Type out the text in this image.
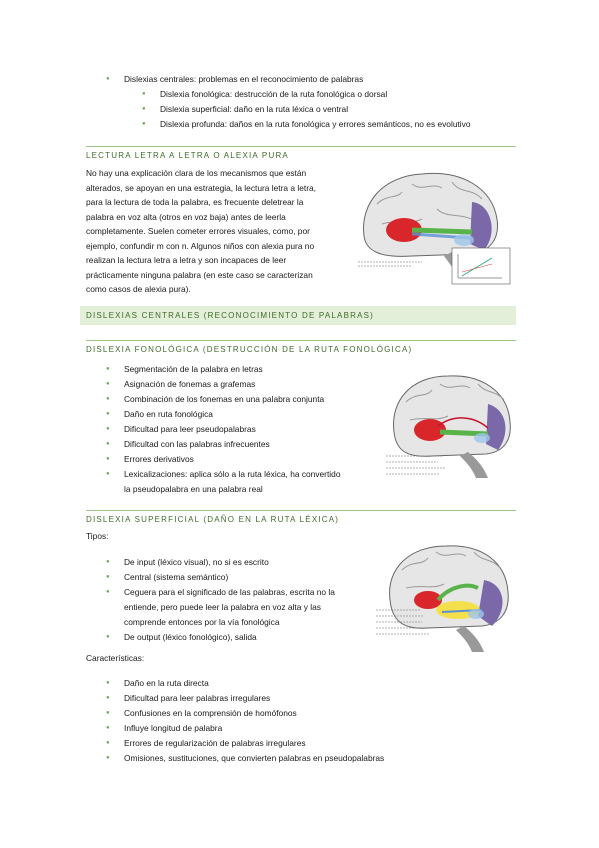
● Dislexias centrales: problemas en el reconocimiento de palabras
● Dislexia fonológica: destrucción de la ruta fonológica o dorsal
● Dislexia superficial: daño en la ruta léxica o ventral
● Dislexia profunda: daños en la ruta fonológica y errores semánticos, no es evolutivo
LECTURA LETRA A LETRA O ALEXIA PURA
No hay una explicación clara de los mecanismos que están
alterados, se apoyan en una estrategia, la lectura letra a letra,
para la lectura de toda la palabra, es frecuente deletrear la
palabra en voz alta (otros en voz baja) antes de leerla
completamente. Suelen cometer errores visuales, como, por
ejemplo, confundir m con n. Algunos niños con alexia pura no
realizan la lectura letra a letra y son incapaces de leer
prácticamente ninguna palabra (en este caso se caracterizan
como casos de alexia pura).
DISLEXIAS CENTRALES (RECONOCIMIENTO DE PALABRAS)
DISLEXIA FONOLÓGICA (DESTRUCCIÓN DE LA RUTA FONOLÓGICA)
● Segmentación de la palabra en letras
● Asignación de fonemas a grafemas
● Combinación de los fonemas en una palabra conjunta
● Daño en ruta fonológica
● Dificultad para leer pseudopalabras
● Dificultad con las palabras infrecuentes
● Errores derivativos
● Lexicalizaciones: aplica sólo a la ruta léxica, ha convertido
la pseudopalabra en una palabra real
DISLEXIA SUPERFICIAL (DAÑO EN LA RUTA LÉXICA)
Tipos:
● De input (léxico visual), no si es escrito
● Central (sistema semántico)
● Ceguera para el significado de las palabras, escrita no la
entiende, pero puede leer la palabra en voz alta y las
comprende entonces por la vía fonológica
● De output (léxico fonológico), salida
Características:
● Daño en la ruta directa
● Dificultad para leer palabras irregulares
● Confusiones en la comprensión de homófonos
● Influye longitud de palabra
● Errores de regularización de palabras irregulares
● Omisiones, sustituciones, que convierten palabras en pseudopalabras
